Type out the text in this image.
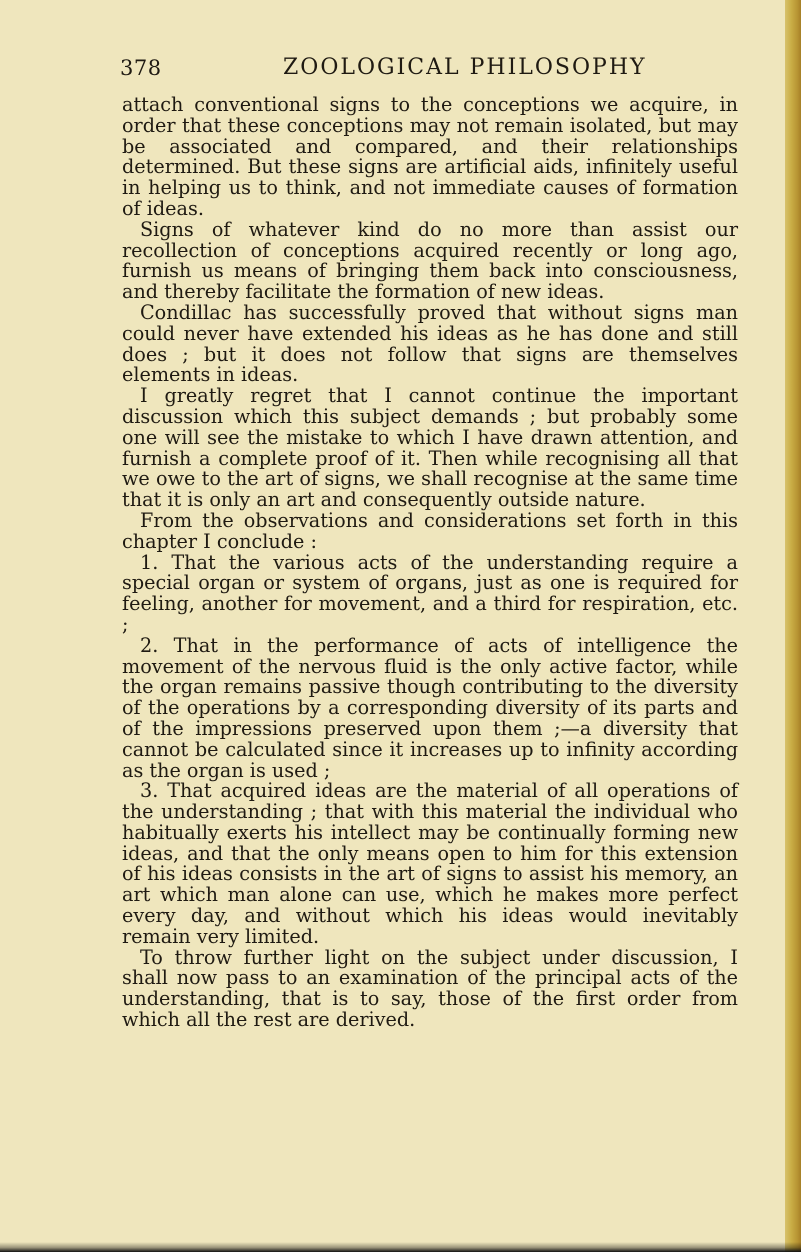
378	ZOOLOGICAL PHILOSOPHY

attach conventional signs to the conceptions we acquire, in order that these conceptions may not remain isolated, but may be associated and compared, and their relationships determined. But these signs are artificial aids, infinitely useful in helping us to think, and not immediate causes of formation of ideas.

Signs of whatever kind do no more than assist our recollection of conceptions acquired recently or long ago, furnish us means of bringing them back into consciousness, and thereby facilitate the formation of new ideas.

Condillac has successfully proved that without signs man could never have extended his ideas as he has done and still does ; but it does not follow that signs are themselves elements in ideas.

I greatly regret that I cannot continue the important discussion which this subject demands ; but probably some one will see the mistake to which I have drawn attention, and furnish a complete proof of it. Then while recognising all that we owe to the art of signs, we shall recognise at the same time that it is only an art and consequently outside nature.

From the observations and considerations set forth in this chapter I conclude :

1. That the various acts of the understanding require a special organ or system of organs, just as one is required for feeling, another for movement, and a third for respiration, etc. ;

2. That in the performance of acts of intelligence the movement of the nervous fluid is the only active factor, while the organ remains passive though contributing to the diversity of the operations by a corresponding diversity of its parts and of the impressions preserved upon them ;—a diversity that cannot be calculated since it increases up to infinity according as the organ is used ;

3. That acquired ideas are the material of all operations of the understanding ; that with this material the individual who habitually exerts his intellect may be continually forming new ideas, and that the only means open to him for this extension of his ideas consists in the art of signs to assist his memory, an art which man alone can use, which he makes more perfect every day, and without which his ideas would inevitably remain very limited.

To throw further light on the subject under discussion, I shall now pass to an examination of the principal acts of the understanding, that is to say, those of the first order from which all the rest are derived.
